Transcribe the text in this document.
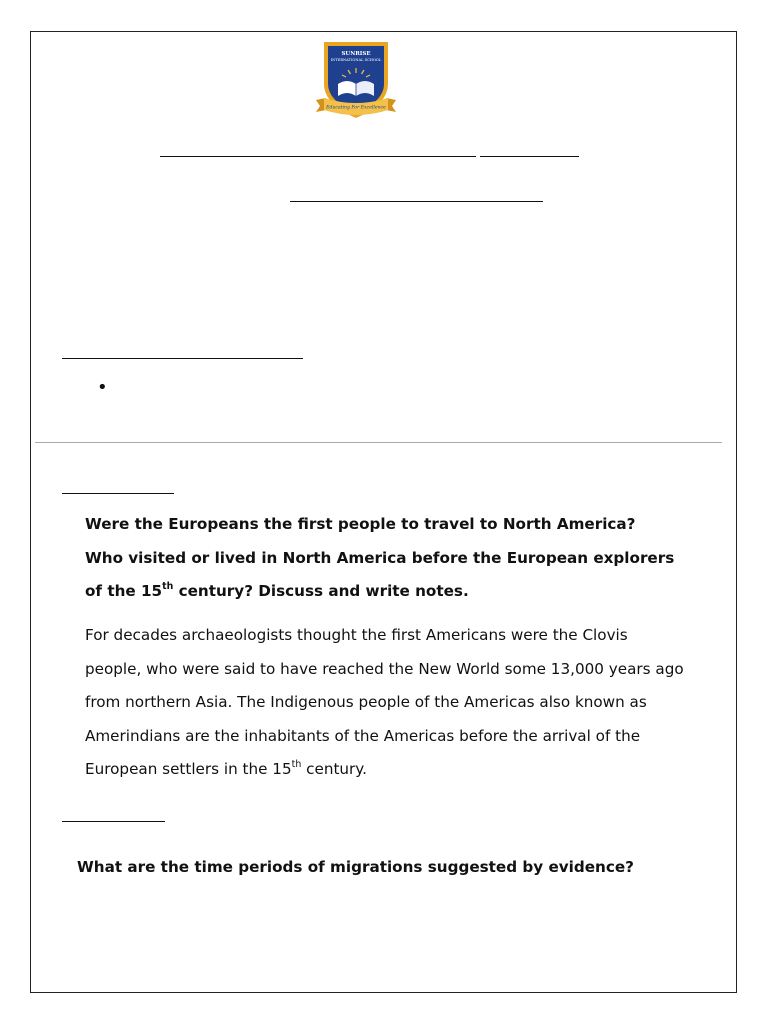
SUNRISE
INTERNATIONAL SCHOOL
Educating For Excellence
•

Were the Europeans the first people to travel to North America? Who visited or lived in North America before the European explorers of the 15th century? Discuss and write notes.

For decades archaeologists thought the first Americans were the Clovis people, who were said to have reached the New World some 13,000 years ago from northern Asia. The Indigenous people of the Americas also known as Amerindians are the inhabitants of the Americas before the arrival of the European settlers in the 15th century.

What are the time periods of migrations suggested by evidence?
